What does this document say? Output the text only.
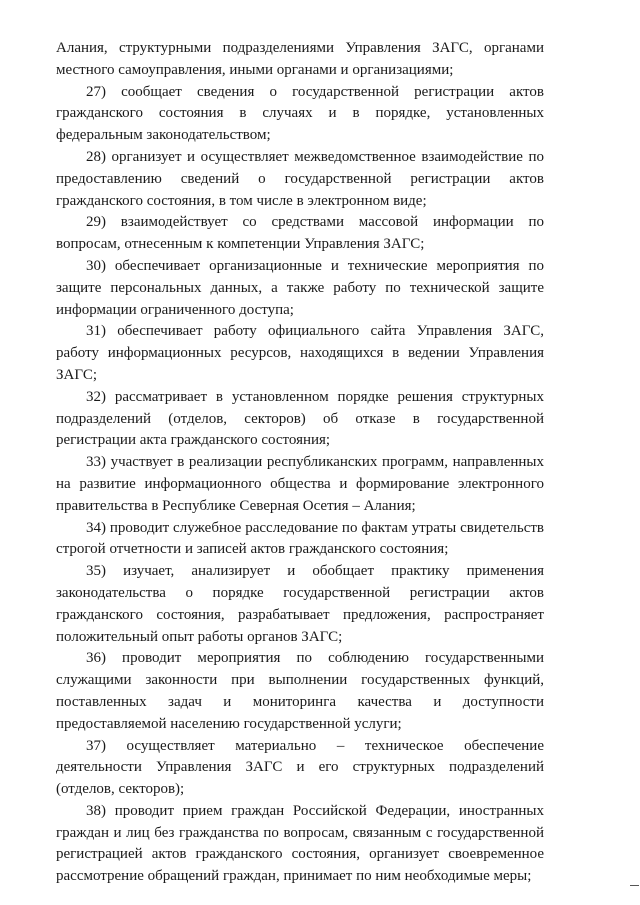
Алания, структурными подразделениями Управления ЗАГС, органами местного самоуправления, иными органами и организациями;

27) сообщает сведения о государственной регистрации актов гражданского состояния в случаях и в порядке, установленных федеральным законодательством;

28) организует и осуществляет межведомственное взаимодействие по предоставлению сведений о государственной регистрации актов гражданского состояния, в том числе в электронном виде;

29) взаимодействует со средствами массовой информации по вопросам, отнесенным к компетенции Управления ЗАГС;

30) обеспечивает организационные и технические мероприятия по защите персональных данных, а также работу по технической защите информации ограниченного доступа;

31) обеспечивает работу официального сайта Управления ЗАГС, работу информационных ресурсов, находящихся в ведении Управления ЗАГС;

32) рассматривает в установленном порядке решения структурных подразделений (отделов, секторов) об отказе в государственной регистрации акта гражданского состояния;

33) участвует в реализации республиканских программ, направленных на развитие информационного общества и формирование электронного правительства в Республике Северная Осетия – Алания;

34) проводит служебное расследование по фактам утраты свидетельств строгой отчетности и записей актов гражданского состояния;

35) изучает, анализирует и обобщает практику применения законодательства о порядке государственной регистрации актов гражданского состояния, разрабатывает предложения, распространяет положительный опыт работы органов ЗАГС;

36) проводит мероприятия по соблюдению государственными служащими законности при выполнении государственных функций, поставленных задач и мониторинга качества и доступности предоставляемой населению государственной услуги;

37) осуществляет материально – техническое обеспечение деятельности Управления ЗАГС и его структурных подразделений (отделов, секторов);

38) проводит прием граждан Российской Федерации, иностранных граждан и лиц без гражданства по вопросам, связанным с государственной регистрацией актов гражданского состояния, организует своевременное рассмотрение обращений граждан, принимает по ним необходимые меры;
